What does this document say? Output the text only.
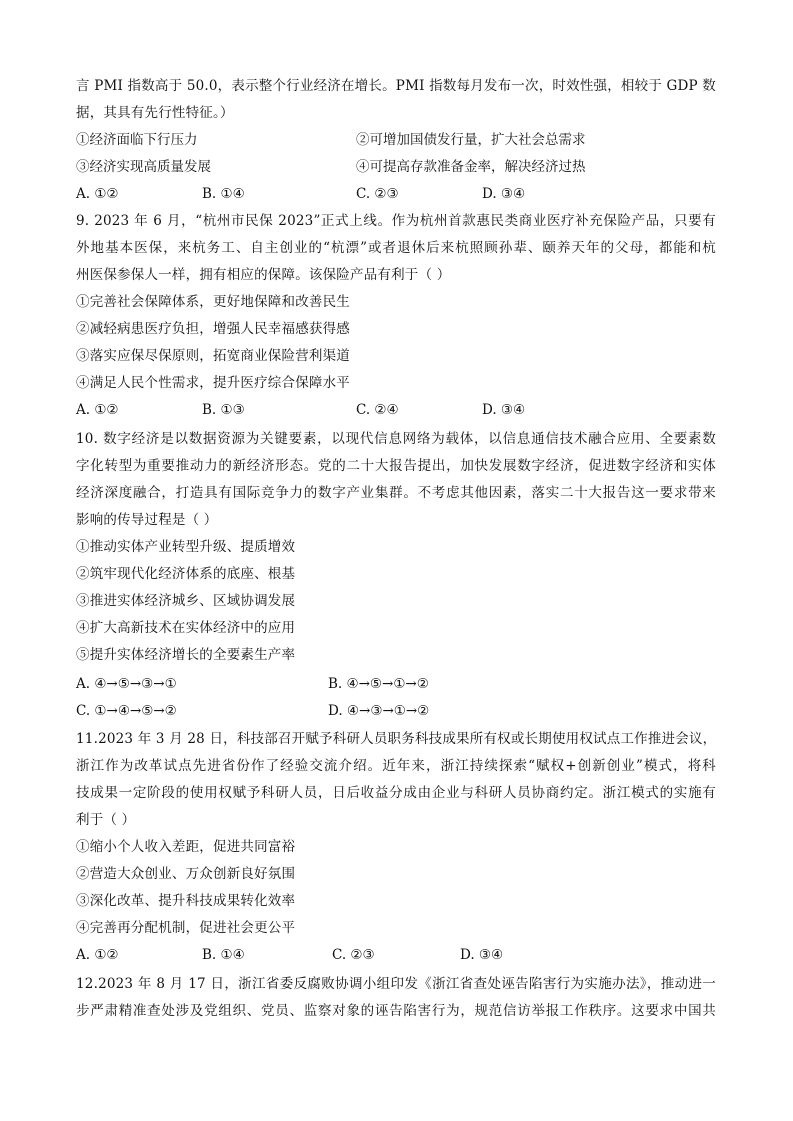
言 PMI 指数高于 50.0，表示整个行业经济在增长。PMI 指数每月发布一次，时效性强，相较于 GDP 数
据，其具有先行性特征。）
①经济面临下行压力	②可增加国债发行量，扩大社会总需求
③经济实现高质量发展	④可提高存款准备金率，解决经济过热
A. ①②	B. ①④	C. ②③	D. ③④
9. 2023 年 6 月，“杭州市民保 2023”正式上线。作为杭州首款惠民类商业医疗补充保险产品，只要有
外地基本医保，来杭务工、自主创业的“杭漂”或者退休后来杭照顾孙辈、颐养天年的父母，都能和杭
州医保参保人一样，拥有相应的保障。该保险产品有利于（ ）
①完善社会保障体系，更好地保障和改善民生
②减轻病患医疗负担，增强人民幸福感获得感
③落实应保尽保原则，拓宽商业保险营利渠道
④满足人民个性需求，提升医疗综合保障水平
A. ①②	B. ①③	C. ②④	D. ③④
10. 数字经济是以数据资源为关键要素，以现代信息网络为载体，以信息通信技术融合应用、全要素数
字化转型为重要推动力的新经济形态。党的二十大报告提出，加快发展数字经济，促进数字经济和实体
经济深度融合，打造具有国际竞争力的数字产业集群。不考虑其他因素，落实二十大报告这一要求带来
影响的传导过程是（ ）
①推动实体产业转型升级、提质增效
②筑牢现代化经济体系的底座、根基
③推进实体经济城乡、区域协调发展
④扩大高新技术在实体经济中的应用
⑤提升实体经济增长的全要素生产率
A. ④→⑤→③→①	B. ④→⑤→①→②
C. ①→④→⑤→②	D. ④→③→①→②
11.2023 年 3 月 28 日，科技部召开赋予科研人员职务科技成果所有权或长期使用权试点工作推进会议，
浙江作为改革试点先进省份作了经验交流介绍。近年来，浙江持续探索“赋权+创新创业”模式，将科
技成果一定阶段的使用权赋予科研人员，日后收益分成由企业与科研人员协商约定。浙江模式的实施有
利于（ ）
①缩小个人收入差距，促进共同富裕
②营造大众创业、万众创新良好氛围
③深化改革、提升科技成果转化效率
④完善再分配机制，促进社会更公平
A. ①②	B. ①④	C. ②③	D. ③④
12.2023 年 8 月 17 日，浙江省委反腐败协调小组印发《浙江省查处诬告陷害行为实施办法》，推动进一
步严肃精准查处涉及党组织、党员、监察对象的诬告陷害行为，规范信访举报工作秩序。这要求中国共
